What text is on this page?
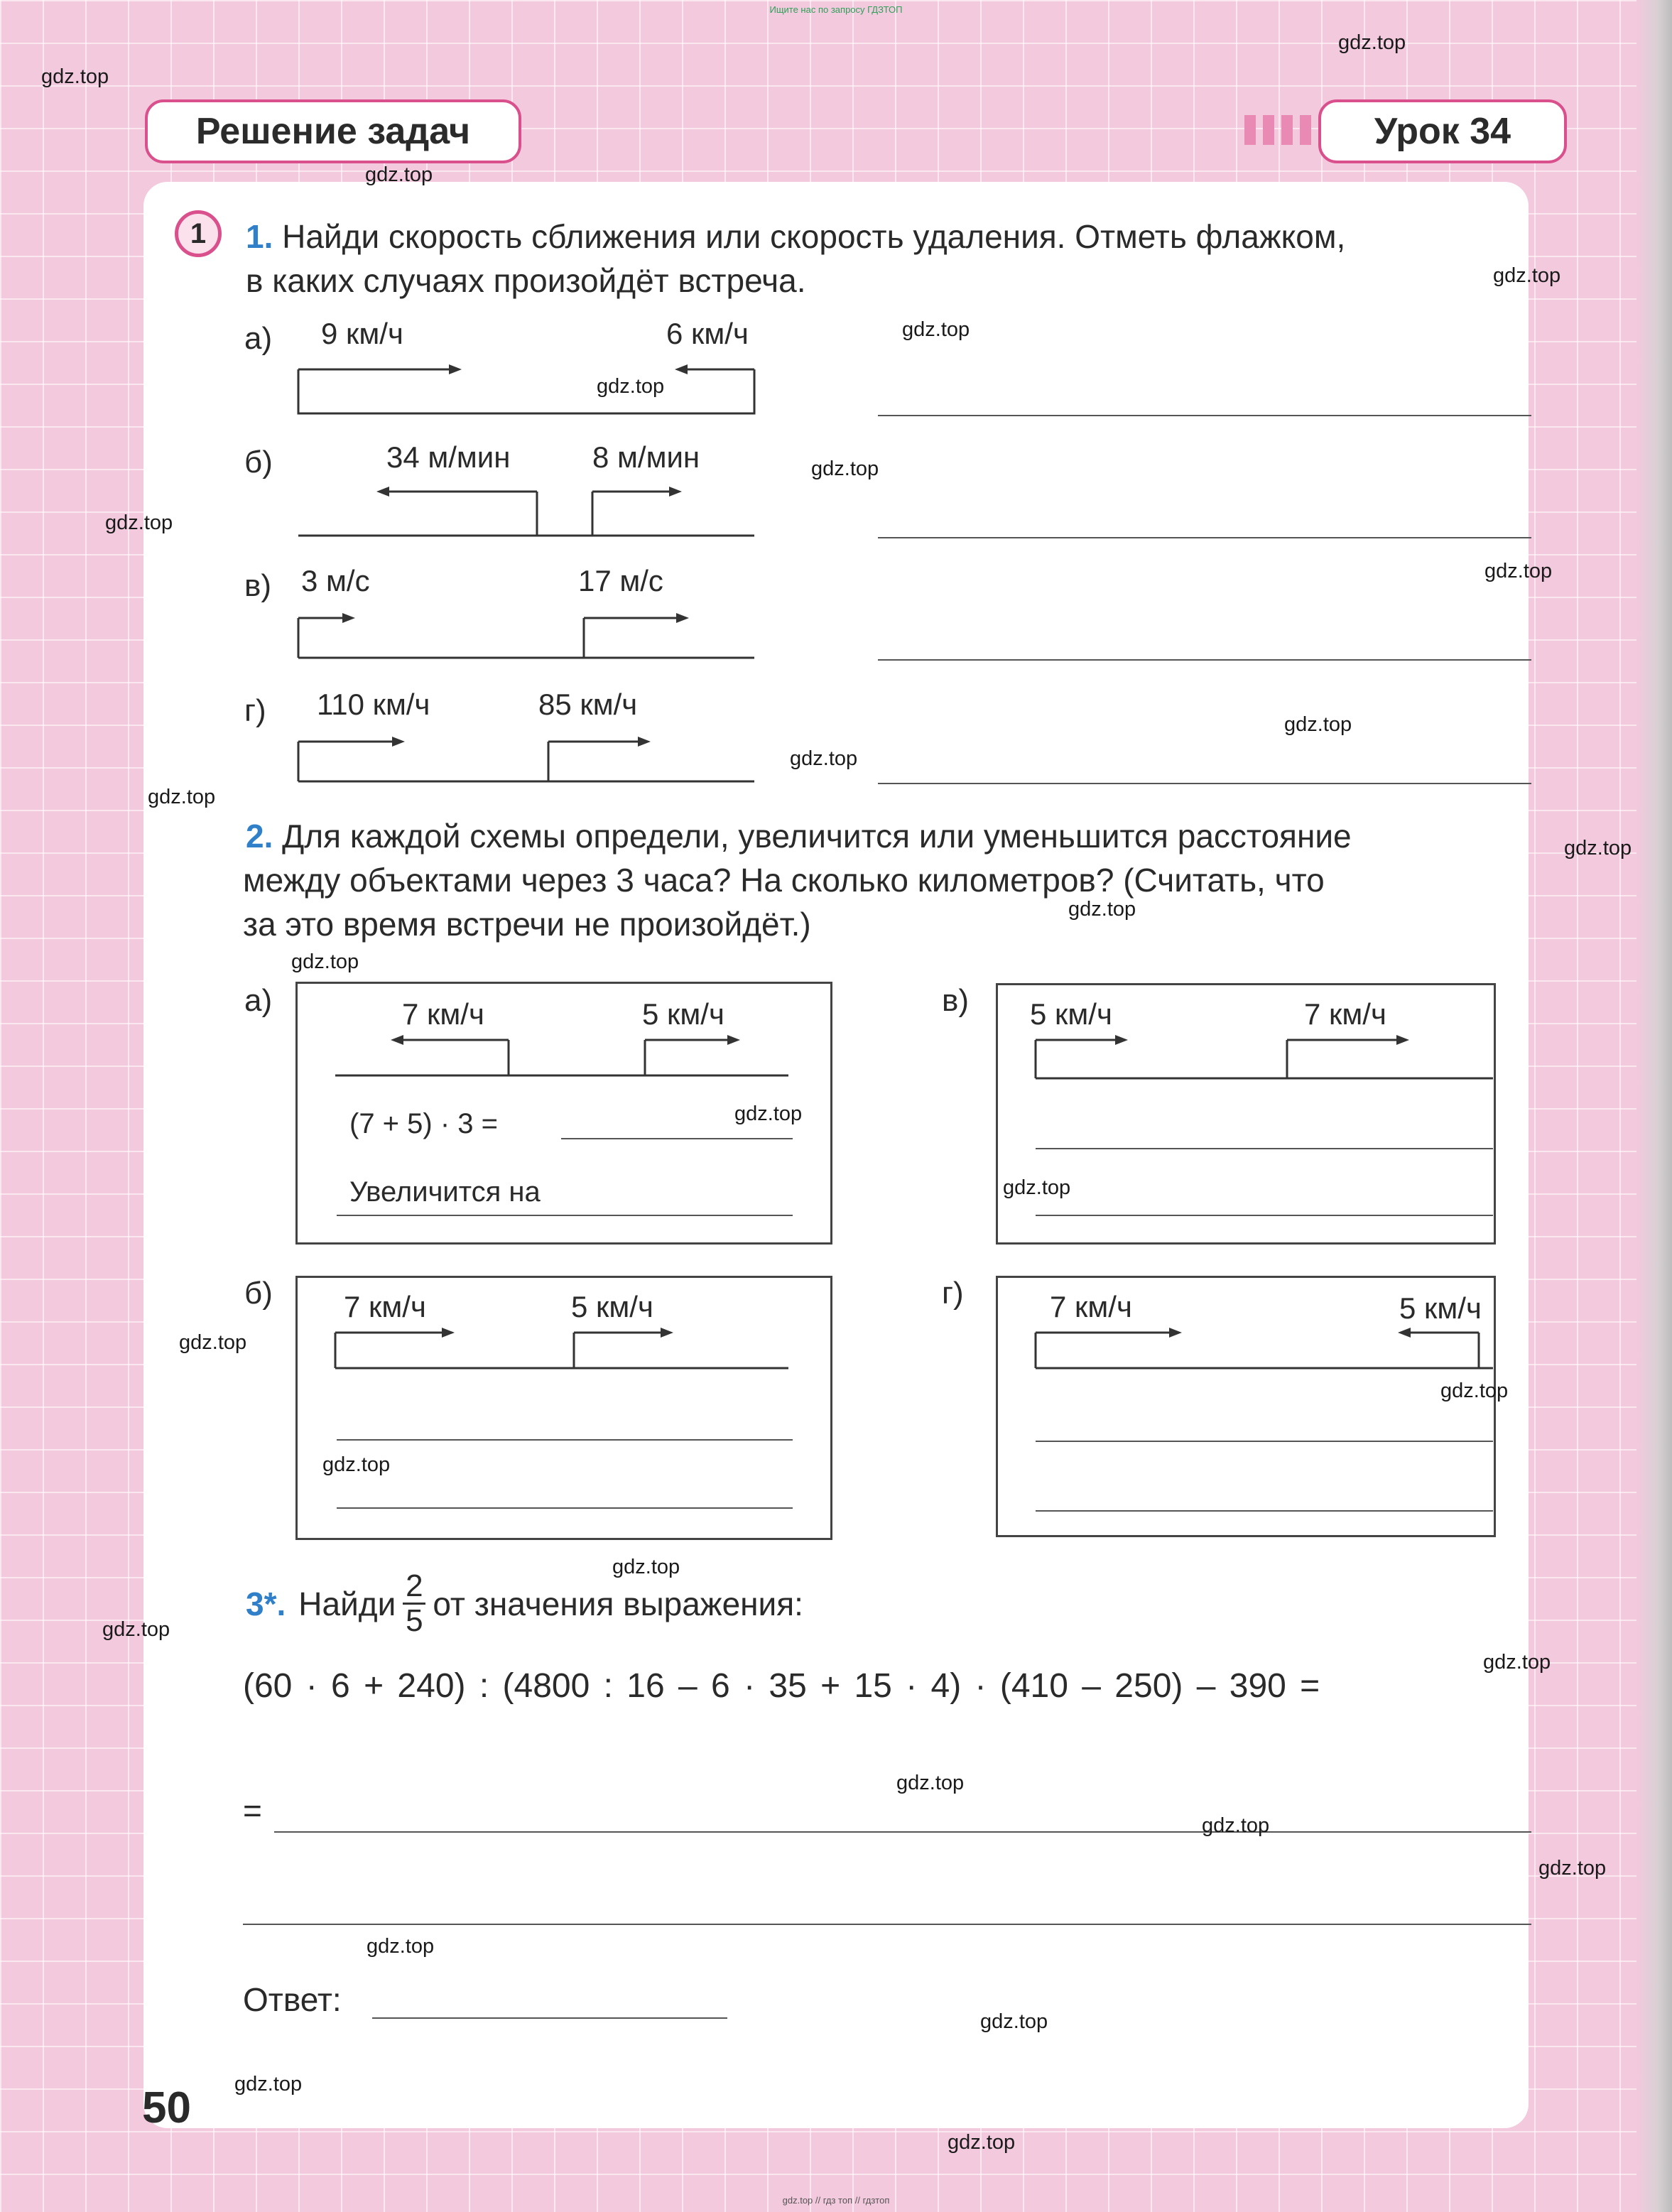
Ищите нас по запросу ГДЗТОП
Решение задач	Урок 34
1	1. Найди скорость сближения или скорость удаления. Отметь флажком,
в каких случаях произойдёт встреча.
а) 9 км/ч	6 км/ч
б)	34 м/мин	8 м/мин
в) 3 м/с	17 м/с
г) 110 км/ч	85 км/ч
2. Для каждой схемы определи, увеличится или уменьшится расстояние
между объектами через 3 часа? На сколько километров? (Считать, что
за это время встречи не произойдёт.)
а)	7 км/ч	5 км/ч
(7 + 5) · 3 =
Увеличится на
в) 5 км/ч	7 км/ч
б) 7 км/ч	5 км/ч	г)	7 км/ч	5 км/ч
3*. Найди $\frac{2}{5}$ от значения выражения:
(60 · 6 + 240) : (4800 : 16 – 6 · 35 + 15 · 4) · (410 – 250) – 390 =
=
Ответ:
50
gdz.top
gdz.top
gdz.top
gdz.top
gdz.top
gdz.top
gdz.top
gdz.top
gdz.top
gdz.top
gdz.top
gdz.top
gdz.top
gdz.top
gdz.top
gdz.top
gdz.top
gdz.top
gdz.top
gdz.top
gdz.top
gdz.top
gdz.top
gdz.top
gdz.top
gdz.top
gdz.top
gdz.top
gdz.top
gdz.top
gdz.top // гдз топ // гдзтоп
